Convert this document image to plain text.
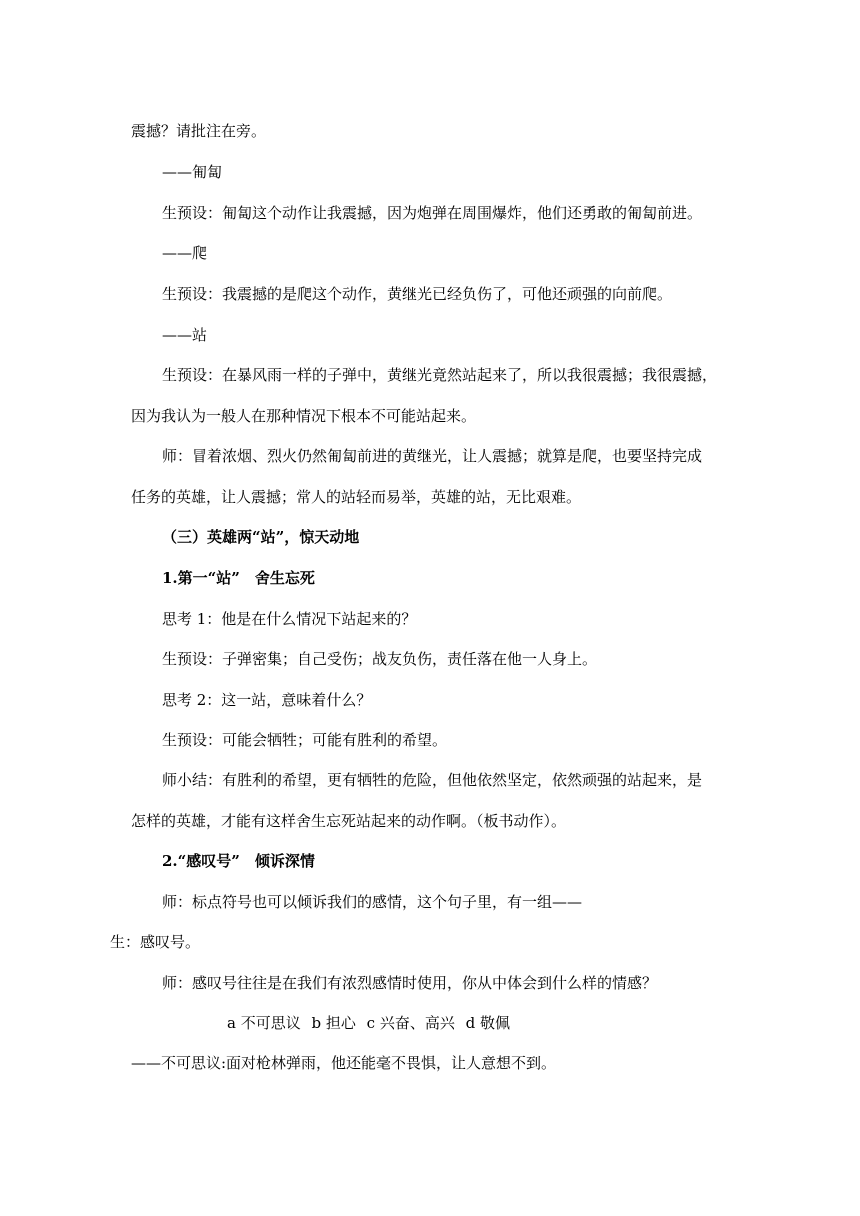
震撼？请批注在旁。
——匍匐
生预设：匍匐这个动作让我震撼，因为炮弹在周围爆炸，他们还勇敢的匍匐前进。
——爬
生预设：我震撼的是爬这个动作，黄继光已经负伤了，可他还顽强的向前爬。
——站
生预设：在暴风雨一样的子弹中，黄继光竟然站起来了，所以我很震撼；我很震撼，
因为我认为一般人在那种情况下根本不可能站起来。
师：冒着浓烟、烈火仍然匍匐前进的黄继光，让人震撼；就算是爬，也要坚持完成
任务的英雄，让人震撼；常人的站轻而易举，英雄的站，无比艰难。
（三）英雄两“站”，惊天动地
1.第一“站”　舍生忘死
思考 1：他是在什么情况下站起来的？
生预设：子弹密集；自己受伤；战友负伤，责任落在他一人身上。
思考 2：这一站，意味着什么？
生预设：可能会牺牲；可能有胜利的希望。
师小结：有胜利的希望，更有牺牲的危险，但他依然坚定，依然顽强的站起来，是
怎样的英雄，才能有这样舍生忘死站起来的动作啊。（板书动作）。
2.“感叹号”　倾诉深情
师：标点符号也可以倾诉我们的感情，这个句子里，有一组——
生：感叹号。
师：感叹号往往是在我们有浓烈感情时使用，你从中体会到什么样的情感？
a 不可思议 b 担心 c 兴奋、高兴 d 敬佩
——不可思议:面对枪林弹雨，他还能毫不畏惧，让人意想不到。
